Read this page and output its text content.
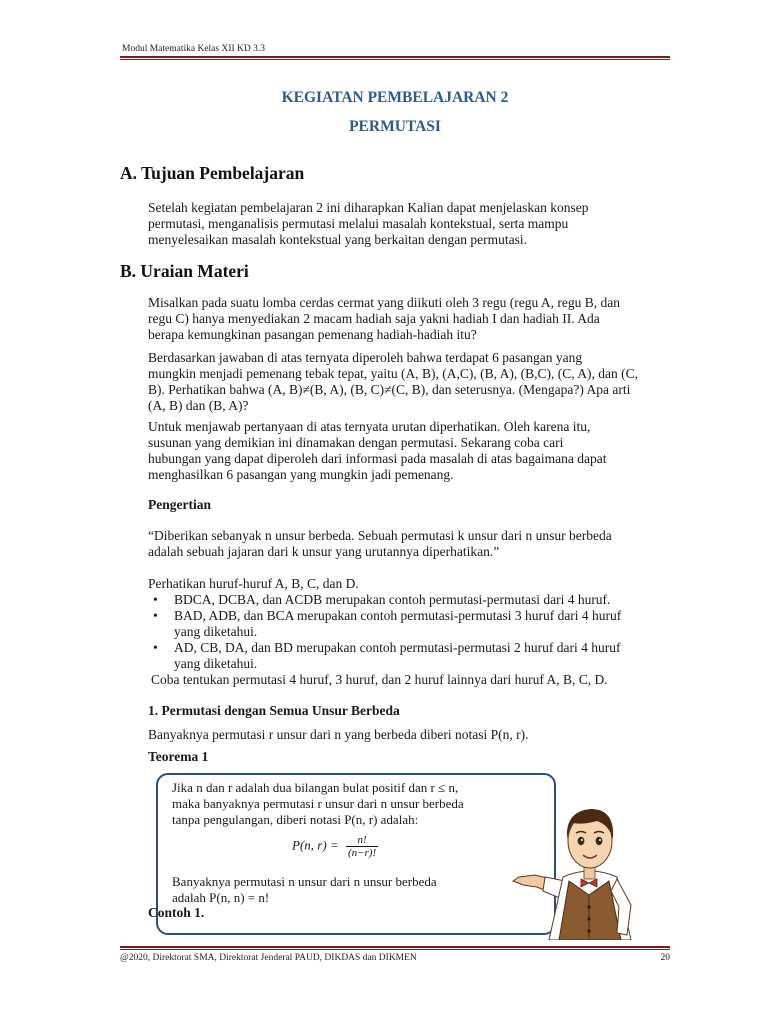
Modul Matematika Kelas XII KD 3.3
KEGIATAN PEMBELAJARAN 2
PERMUTASI
A. Tujuan Pembelajaran
Setelah kegiatan pembelajaran 2 ini diharapkan Kalian dapat menjelaskan konsep
permutasi, menganalisis permutasi melalui masalah kontekstual, serta mampu
menyelesaikan masalah kontekstual yang berkaitan dengan permutasi.
B. Uraian Materi
Misalkan pada suatu lomba cerdas cermat yang diikuti oleh 3 regu (regu A, regu B, dan
regu C) hanya menyediakan 2 macam hadiah saja yakni hadiah I dan hadiah II. Ada
berapa kemungkinan pasangan pemenang hadiah-hadiah itu?
Berdasarkan jawaban di atas ternyata diperoleh bahwa terdapat 6 pasangan yang
mungkin menjadi pemenang tebak tepat, yaitu (A, B), (A,C), (B, A), (B,C), (C, A), dan (C,
B). Perhatikan bahwa (A, B)≠(B, A), (B, C)≠(C, B), dan seterusnya. (Mengapa?) Apa arti
(A, B) dan (B, A)?
Untuk menjawab pertanyaan di atas ternyata urutan diperhatikan. Oleh karena itu,
susunan yang demikian ini dinamakan dengan permutasi. Sekarang coba cari
hubungan yang dapat diperoleh dari informasi pada masalah di atas bagaimana dapat
menghasilkan 6 pasangan yang mungkin jadi pemenang.
Pengertian
“Diberikan sebanyak n unsur berbeda. Sebuah permutasi k unsur dari n unsur berbeda
adalah sebuah jajaran dari k unsur yang urutannya diperhatikan.”
Perhatikan huruf-huruf A, B, C, dan D.
• BDCA, DCBA, dan ACDB merupakan contoh permutasi-permutasi dari 4 huruf.
• BAD, ADB, dan BCA merupakan contoh permutasi-permutasi 3 huruf dari 4 huruf
yang diketahui.
• AD, CB, DA, dan BD merupakan contoh permutasi-permutasi 2 huruf dari 4 huruf
yang diketahui.
Coba tentukan permutasi 4 huruf, 3 huruf, dan 2 huruf lainnya dari huruf A, B, C, D.
1. Permutasi dengan Semua Unsur Berbeda
Banyaknya permutasi r unsur dari n yang berbeda diberi notasi P(n, r).
Teorema 1
Jika n dan r adalah dua bilangan bulat positif dan r ≤ n,
maka banyaknya permutasi r unsur dari n unsur berbeda
tanpa pengulangan, diberi notasi P(n, r) adalah:
P(n, $r) = \frac{n!}{(n-r)!}$
Banyaknya permutasi n unsur dari n unsur berbeda
adalah P(n, n) = n!
Contoh 1.
@2020, Direktorat SMA, Direktorat Jenderal PAUD, DIKDAS dan DIKMEN	20
